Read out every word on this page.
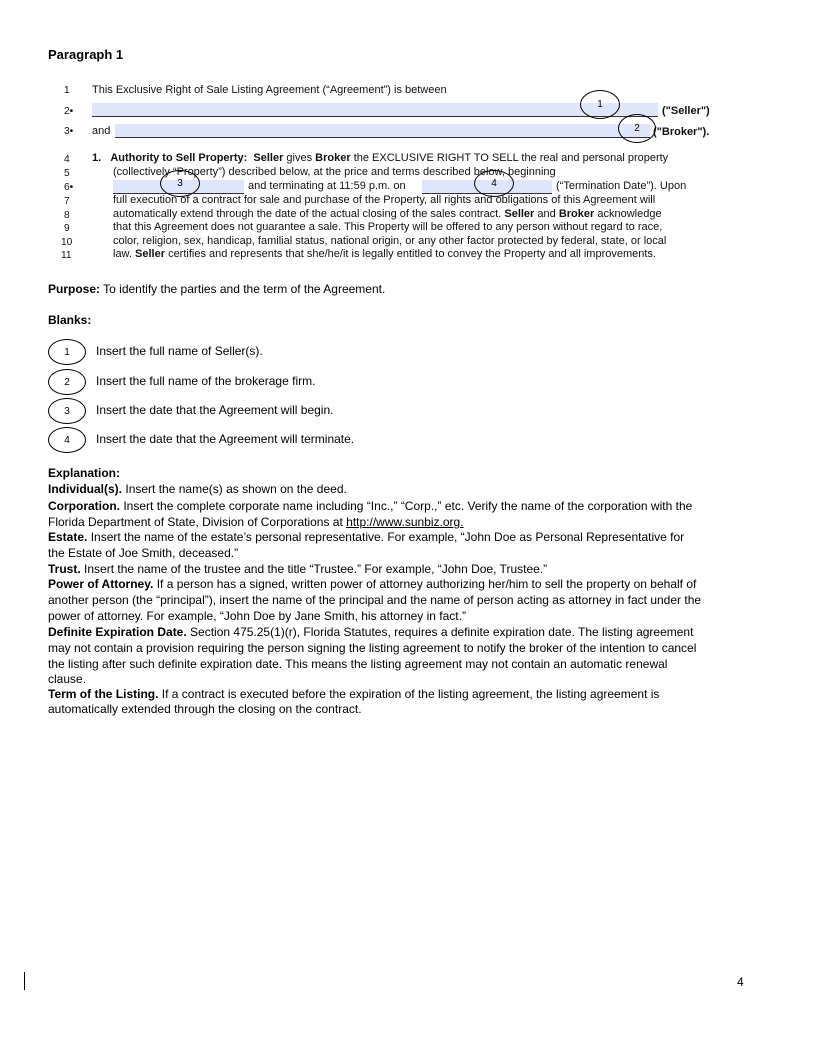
Paragraph 1
1
2•
3•
4
5
6•
7
8
9
10
11
This Exclusive Right of Sale Listing Agreement (“Agreement”) is between
("Seller")
and	("Broker").
1. Authority to Sell Property: Seller gives Broker the EXCLUSIVE RIGHT TO SELL the real and personal property
(collectively “Property”) described below, at the price and terms described below, beginning
and terminating at 11:59 p.m. on	(“Termination Date”). Upon
full execution of a contract for sale and purchase of the Property, all rights and obligations of this Agreement will
automatically extend through the date of the actual closing of the sales contract. Seller and Broker acknowledge
that this Agreement does not guarantee a sale. This Property will be offered to any person without regard to race,
color, religion, sex, handicap, familial status, national origin, or any other factor protected by federal, state, or local
law. Seller certifies and represents that she/he/it is legally entitled to convey the Property and all improvements.
1
2
3	4
Purpose: To identify the parties and the term of the Agreement.
Blanks:
1	Insert the full name of Seller(s).
2	Insert the full name of the brokerage firm.
3	Insert the date that the Agreement will begin.
4	Insert the date that the Agreement will terminate.
Explanation:
Individual(s). Insert the name(s) as shown on the deed.
Corporation. Insert the complete corporate name including “Inc.,” “Corp.,” etc. Verify the name of the corporation with the
Florida Department of State, Division of Corporations at http://www.sunbiz.org.
Estate. Insert the name of the estate’s personal representative. For example, “John Doe as Personal Representative for
the Estate of Joe Smith, deceased.”
Trust. Insert the name of the trustee and the title “Trustee.” For example, “John Doe, Trustee.”
Power of Attorney. If a person has a signed, written power of attorney authorizing her/him to sell the property on behalf of
another person (the “principal”), insert the name of the principal and the name of person acting as attorney in fact under the
power of attorney. For example, “John Doe by Jane Smith, his attorney in fact.”
Definite Expiration Date. Section 475.25(1)(r), Florida Statutes, requires a definite expiration date. The listing agreement
may not contain a provision requiring the person signing the listing agreement to notify the broker of the intention to cancel
the listing after such definite expiration date. This means the listing agreement may not contain an automatic renewal
clause.
Term of the Listing. If a contract is executed before the expiration of the listing agreement, the listing agreement is
automatically extended through the closing on the contract.
4
